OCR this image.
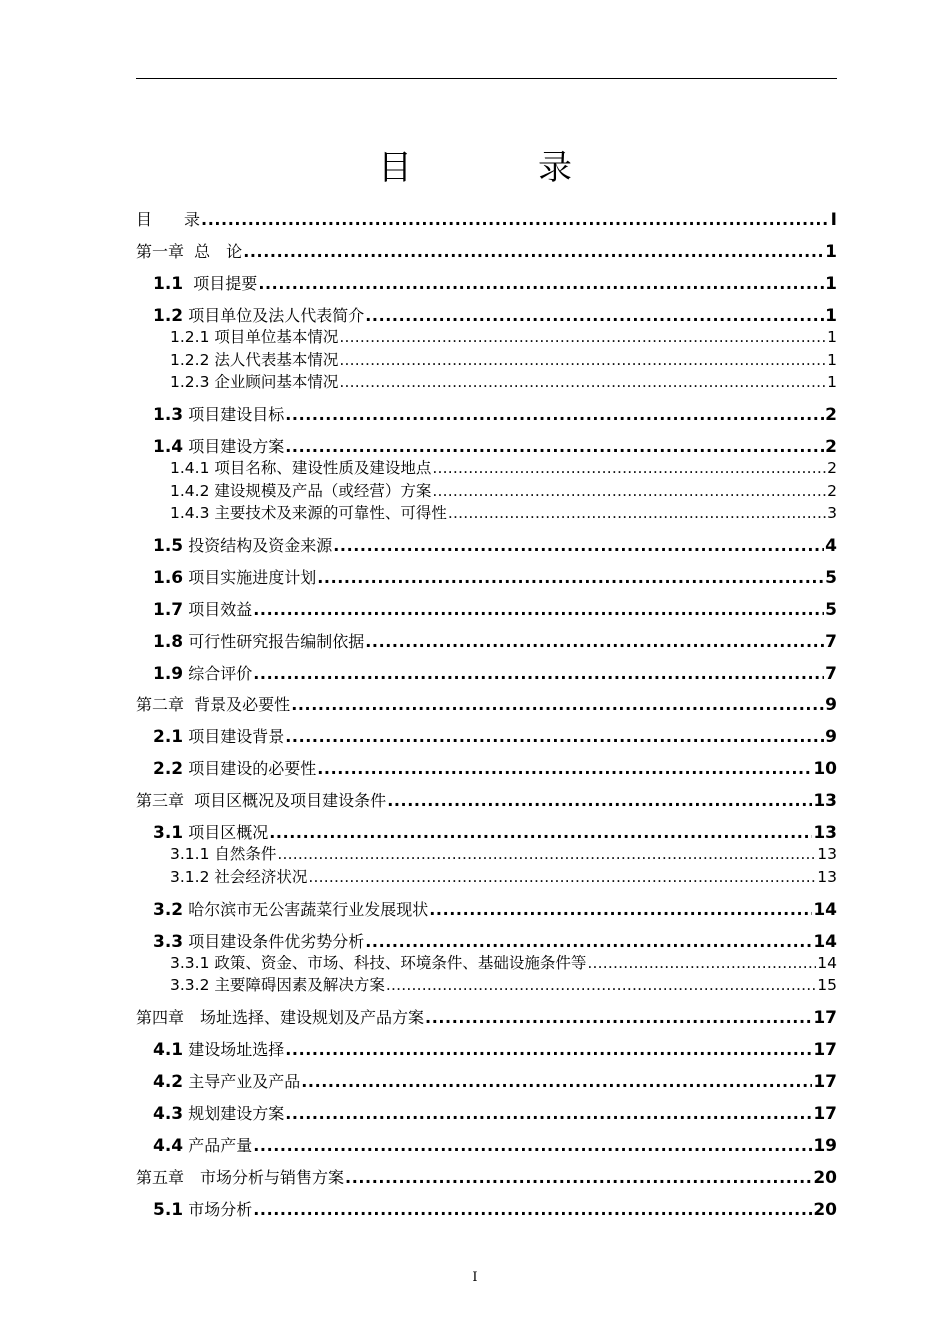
目　录
目　　录 .....	I
第一章  总　论 .....	1
1.1  项目提要 .....	1
1.2 项目单位及法人代表简介 .....	1
1.2.1 项目单位基本情况 .....	1
1.2.2 法人代表基本情况 .....	1
1.2.3 企业顾问基本情况 .....	1
1.3 项目建设目标 .....	2
1.4 项目建设方案 .....	2
1.4.1 项目名称、建设性质及建设地点 .....	2
1.4.2 建设规模及产品（或经营）方案 .....	2
1.4.3 主要技术及来源的可靠性、可得性 .....	3
1.5 投资结构及资金来源 .....	4
1.6 项目实施进度计划 .....	5
1.7 项目效益 .....	5
1.8 可行性研究报告编制依据 .....	7
1.9 综合评价 .....	7
第二章  背景及必要性 .....	9
2.1 项目建设背景 .....	9
2.2 项目建设的必要性 .....	10
第三章  项目区概况及项目建设条件 .....	13
3.1 项目区概况 .....	13
3.1.1 自然条件 .....	13
3.1.2 社会经济状况 .....	13
3.2 哈尔滨市无公害蔬菜行业发展现状 .....	14
3.3 项目建设条件优劣势分析 .....	14
3.3.1 政策、资金、市场、科技、环境条件、基础设施条件等 .....	14
3.3.2 主要障碍因素及解决方案 .....	15
第四章　场址选择、建设规划及产品方案 .....	17
4.1 建设场址选择 .....	17
4.2 主导产业及产品 .....	17
4.3 规划建设方案 .....	17
4.4 产品产量 .....	19
第五章　市场分析与销售方案 .....	20
5.1 市场分析 .....	20
I
